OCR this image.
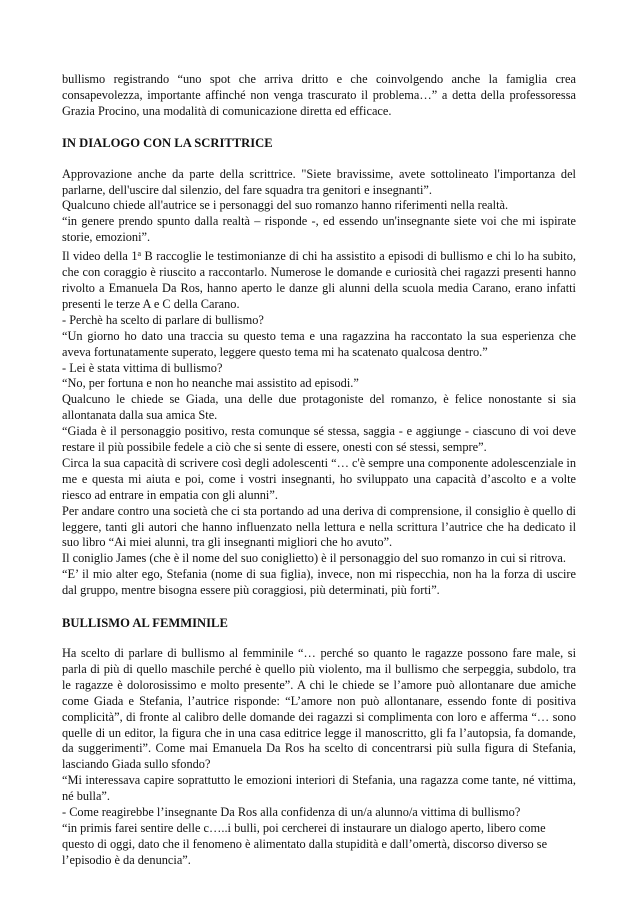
bullismo registrando “uno spot che arriva dritto e che coinvolgendo anche la famiglia crea consapevolezza, importante affinché non venga trascurato il problema…” a detta della professoressa Grazia Procino, una modalità di comunicazione diretta ed efficace.

IN DIALOGO CON LA SCRITTRICE

Approvazione anche da parte della scrittrice. "Siete bravissime, avete sottolineato l'importanza del parlarne, dell'uscire dal silenzio, del fare squadra tra genitori e insegnanti”.

Qualcuno chiede all'autrice se i personaggi del suo romanzo hanno riferimenti nella realtà.

“in genere prendo spunto dalla realtà – risponde -, ed essendo un'insegnante siete voi che mi ispirate storie, emozioni”.

Il video della 1$^a$ B raccoglie le testimonianze di chi ha assistito a episodi di bullismo e chi lo ha subito, che con coraggio è riuscito a raccontarlo. Numerose le domande e curiosità chei ragazzi presenti hanno rivolto a Emanuela Da Ros, hanno aperto le danze gli alunni della scuola media Carano, erano infatti presenti le terze A e C della Carano.

- Perchè ha scelto di parlare di bullismo?

“Un giorno ho dato una traccia su questo tema e una ragazzina ha raccontato la sua esperienza che aveva fortunatamente superato, leggere questo tema mi ha scatenato qualcosa dentro.”

- Lei è stata vittima di bullismo?

“No, per fortuna e non ho neanche mai assistito ad episodi.”

Qualcuno le chiede se Giada, una delle due protagoniste del romanzo, è felice nonostante si sia allontanata dalla sua amica Ste.

“Giada è il personaggio positivo, resta comunque sé stessa, saggia - e aggiunge - ciascuno di voi deve restare il più possibile fedele a ciò che si sente di essere, onesti con sé stessi, sempre”.

Circa la sua capacità di scrivere così degli adolescenti “… c'è sempre una componente adolescenziale in me e questa mi aiuta e poi, come i vostri insegnanti, ho sviluppato una capacità d’ascolto e a volte riesco ad entrare in empatia con gli alunni”.

Per andare contro una società che ci sta portando ad una deriva di comprensione, il consiglio è quello di leggere, tanti gli autori che hanno influenzato nella lettura e nella scrittura l’autrice che ha dedicato il suo libro “Ai miei alunni, tra gli insegnanti migliori che ho avuto”.

Il coniglio James (che è il nome del suo coniglietto) è il personaggio del suo romanzo in cui si ritrova.

“E’ il mio alter ego, Stefania (nome di sua figlia), invece, non mi rispecchia, non ha la forza di uscire dal gruppo, mentre bisogna essere più coraggiosi, più determinati, più forti”.

BULLISMO AL FEMMINILE

Ha scelto di parlare di bullismo al femminile “… perché so quanto le ragazze possono fare male, si parla di più di quello maschile perché è quello più violento, ma il bullismo che serpeggia, subdolo, tra le ragazze è dolorosissimo e molto presente”. A chi le chiede se l’amore può allontanare due amiche come Giada e Stefania, l’autrice risponde: “L’amore non può allontanare, essendo fonte di positiva complicità”, di fronte al calibro delle domande dei ragazzi si complimenta con loro e afferma “… sono quelle di un editor, la figura che in una casa editrice legge il manoscritto, gli fa l’autopsia, fa domande, da suggerimenti”. Come mai Emanuela Da Ros ha scelto di concentrarsi più sulla figura di Stefania, lasciando Giada sullo sfondo?

“Mi interessava capire soprattutto le emozioni interiori di Stefania, una ragazza come tante, né vittima, né bulla”.

- Come reagirebbe l’insegnante Da Ros alla confidenza di un/a alunno/a vittima di bullismo?

“in primis farei sentire delle c…..i bulli, poi cercherei di instaurare un dialogo aperto, libero come questo di oggi, dato che il fenomeno è alimentato dalla stupidità e dall’omertà, discorso diverso se l’episodio è da denuncia”.
